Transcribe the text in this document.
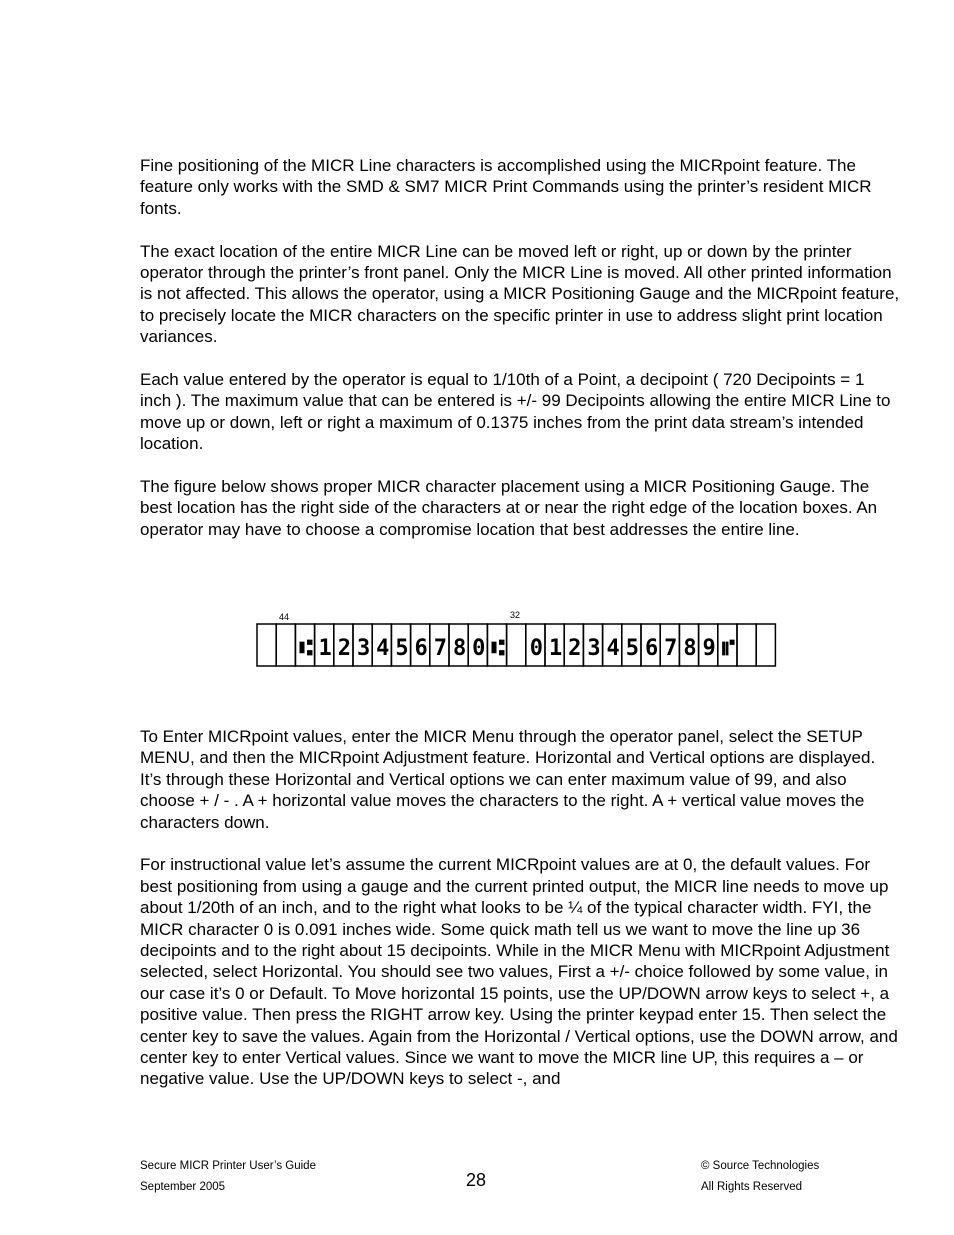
Fine positioning of the MICR Line characters is accomplished using the MICRpoint feature. The feature only works with the SMD & SM7 MICR Print Commands using the printer’s resident MICR fonts.

The exact location of the entire MICR Line can be moved left or right, up or down by the printer operator through the printer’s front panel. Only the MICR Line is moved. All other printed information is not affected. This allows the operator, using a MICR Positioning Gauge and the MICRpoint feature, to precisely locate the MICR characters on the specific printer in use to address slight print location variances.

Each value entered by the operator is equal to 1/10th of a Point, a decipoint ( 720 Decipoints = 1 inch ). The maximum value that can be entered is +/- 99 Decipoints allowing the entire MICR Line to move up or down, left or right a maximum of 0.1375 inches from the print data stream’s intended location.

The figure below shows proper MICR character placement using a MICR Positioning Gauge. The best location has the right side of the characters at or near the right edge of the location boxes. An operator may have to choose a compromise location that best addresses the entire line.

44	32
⑆ 1 2 3 4 5 6 7 8 0 ⑆ 0 1 2 3 4 5 6 7 8 9 ⑈

To Enter MICRpoint values, enter the MICR Menu through the operator panel, select the SETUP MENU, and then the MICRpoint Adjustment feature. Horizontal and Vertical options are displayed. It’s through these Horizontal and Vertical options we can enter maximum value of 99, and also choose + / - . A + horizontal value moves the characters to the right. A + vertical value moves the characters down.

For instructional value let’s assume the current MICRpoint values are at 0, the default values. For best positioning from using a gauge and the current printed output, the MICR line needs to move up about 1/20th of an inch, and to the right what looks to be ¼ of the typical character width. FYI, the MICR character 0 is 0.091 inches wide. Some quick math tell us we want to move the line up 36 decipoints and to the right about 15 decipoints. While in the MICR Menu with MICRpoint Adjustment selected, select Horizontal. You should see two values, First a +/- choice followed by some value, in our case it’s 0 or Default. To Move horizontal 15 points, use the UP/DOWN arrow keys to select +, a positive value. Then press the RIGHT arrow key. Using the printer keypad enter 15. Then select the center key to save the values. Again from the Horizontal / Vertical options, use the DOWN arrow, and center key to enter Vertical values. Since we want to move the MICR line UP, this requires a – or negative value. Use the UP/DOWN keys to select -, and

Secure MICR Printer User’s Guide
September 2005	28
© Source Technologies
All Rights Reserved
